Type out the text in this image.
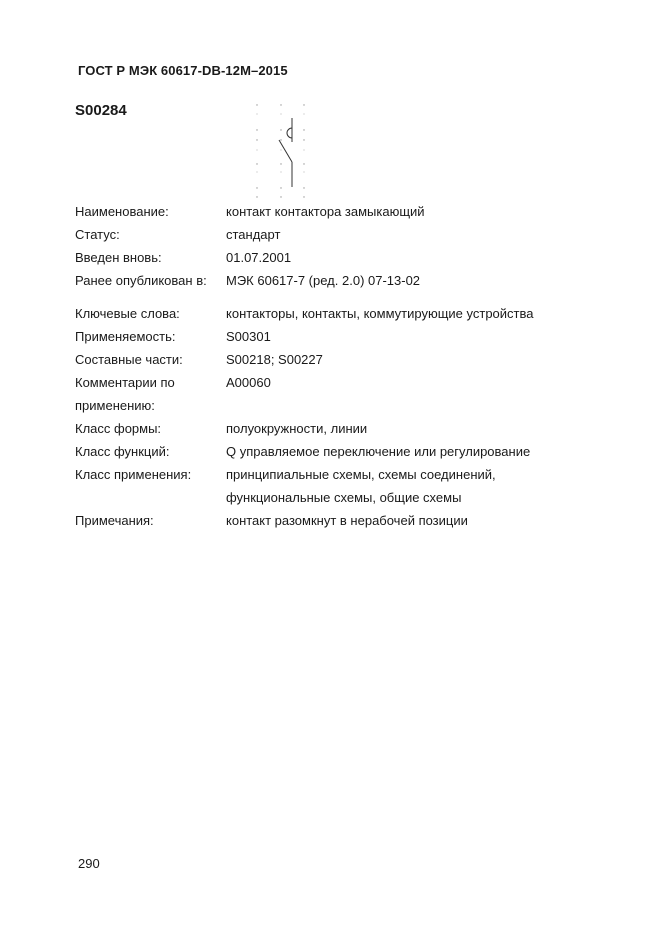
ГОСТ Р МЭК 60617-DB-12M–2015
S00284
Наименование:	контакт контактора замыкающий
Статус:	стандарт
Введен вновь:	01.07.2001
Ранее опубликован в: МЭК 60617-7 (ред. 2.0) 07-13-02
Ключевые слова:	контакторы, контакты, коммутирующие устройства
Применяемость:	S00301
Составные части:	S00218; S00227
Комментарии по	A00060
применению:
Класс формы:	полуокружности, линии
Класс функций:	Q управляемое переключение или регулирование
Класс применения:	принципиальные схемы, схемы соединений,
функциональные схемы, общие схемы
Примечания:	контакт разомкнут в нерабочей позиции
290
